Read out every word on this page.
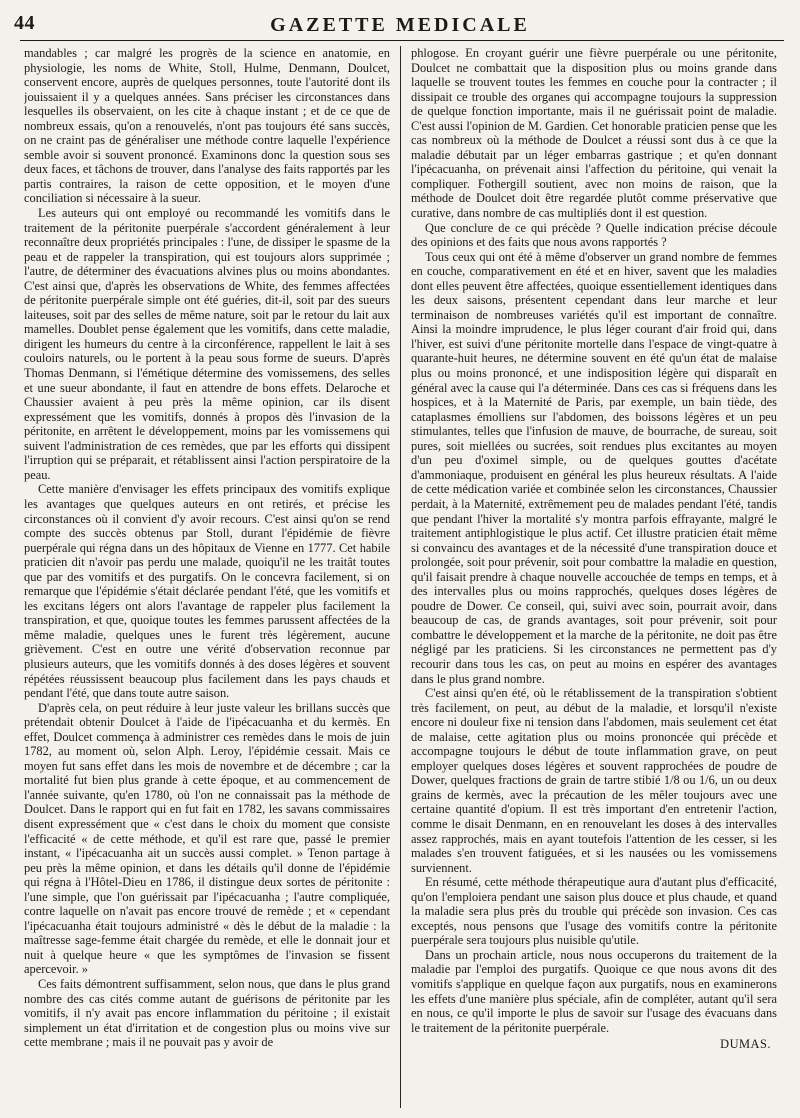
44	GAZETTE MEDICALE

mandables ; car malgré les progrès de la science en anatomie, en physiologie, les noms de White, Stoll, Hulme, Denmann, Doulcet, conservent encore, auprès de quelques personnes, toute l'autorité dont ils jouissaient il y a quelques années. Sans préciser les circonstances dans lesquelles ils observaient, on les cite à chaque instant ; et de ce que de nombreux essais, qu'on a renouvelés, n'ont pas toujours été sans succès, on ne craint pas de généraliser une méthode contre laquelle l'expérience semble avoir si souvent prononcé. Examinons donc la question sous ses deux faces, et tâchons de trouver, dans l'analyse des faits rapportés par les partis contraires, la raison de cette opposition, et le moyen d'une conciliation si nécessaire à la sueur.

Les auteurs qui ont employé ou recommandé les vomitifs dans le traitement de la péritonite puerpérale s'accordent généralement à leur reconnaître deux propriétés principales : l'une, de dissiper le spasme de la peau et de rappeler la transpiration, qui est toujours alors supprimée ; l'autre, de déterminer des évacuations alvines plus ou moins abondantes. C'est ainsi que, d'après les observations de White, des femmes affectées de péritonite puerpérale simple ont été guéries, dit-il, soit par des sueurs laiteuses, soit par des selles de même nature, soit par le retour du lait aux mamelles. Doublet pense également que les vomitifs, dans cette maladie, dirigent les humeurs du centre à la circonférence, rappellent le lait à ses couloirs naturels, ou le portent à la peau sous forme de sueurs. D'après Thomas Denmann, si l'émétique détermine des vomissemens, des selles et une sueur abondante, il faut en attendre de bons effets. Delaroche et Chaussier avaient à peu près la même opinion, car ils disent expressément que les vomitifs, donnés à propos dès l'invasion de la péritonite, en arrêtent le développement, moins par les vomissemens qui suivent l'administration de ces remèdes, que par les efforts qui dissipent l'irruption qui se préparait, et rétablissent ainsi l'action perspiratoire de la peau.

Cette manière d'envisager les effets principaux des vomitifs explique les avantages que quelques auteurs en ont retirés, et précise les circonstances où il convient d'y avoir recours. C'est ainsi qu'on se rend compte des succès obtenus par Stoll, durant l'épidémie de fièvre puerpérale qui régna dans un des hôpitaux de Vienne en 1777. Cet habile praticien dit n'avoir pas perdu une malade, quoiqu'il ne les traitât toutes que par des vomitifs et des purgatifs. On le concevra facilement, si on remarque que l'épidémie s'était déclarée pendant l'été, que les vomitifs et les excitans légers ont alors l'avantage de rappeler plus facilement la transpiration, et que, quoique toutes les femmes parussent affectées de la même maladie, quelques unes le furent très légèrement, aucune grièvement. C'est en outre une vérité d'observation reconnue par plusieurs auteurs, que les vomitifs donnés à des doses légères et souvent répétées réussissent beaucoup plus facilement dans les pays chauds et pendant l'été, que dans toute autre saison.

D'après cela, on peut réduire à leur juste valeur les brillans succès que prétendait obtenir Doulcet à l'aide de l'ipécacuanha et du kermès. En effet, Doulcet commença à administrer ces remèdes dans le mois de juin 1782, au moment où, selon Alph. Leroy, l'épidémie cessait. Mais ce moyen fut sans effet dans les mois de novembre et de décembre ; car la mortalité fut bien plus grande à cette époque, et au commencement de l'année suivante, qu'en 1780, où l'on ne connaissait pas la méthode de Doulcet. Dans le rapport qui en fut fait en 1782, les savans commissaires disent expressément que « c'est dans le choix du moment que consiste l'efficacité « de cette méthode, et qu'il est rare que, passé le premier instant, « l'ipécacuanha ait un succès aussi complet. » Tenon partage à peu près la même opinion, et dans les détails qu'il donne de l'épidémie qui régna à l'Hôtel-Dieu en 1786, il distingue deux sortes de péritonite : l'une simple, que l'on guérissait par l'ipécacuanha ; l'autre compliquée, contre laquelle on n'avait pas encore trouvé de remède ; et « cependant l'ipécacuanha était toujours administré « dès le début de la maladie : la maîtresse sage-femme était chargée du remède, et elle le donnait jour et nuit à quelque heure « que les symptômes de l'invasion se fissent apercevoir. »

Ces faits démontrent suffisamment, selon nous, que dans le plus grand nombre des cas cités comme autant de guérisons de péritonite par les vomitifs, il n'y avait pas encore inflammation du péritoine ; il existait simplement un état d'irritation et de congestion plus ou moins vive sur cette membrane ; mais il ne pouvait pas y avoir de

phlogose. En croyant guérir une fièvre puerpérale ou une péritonite, Doulcet ne combattait que la disposition plus ou moins grande dans laquelle se trouvent toutes les femmes en couche pour la contracter ; il dissipait ce trouble des organes qui accompagne toujours la suppression de quelque fonction importante, mais il ne guérissait point de maladie. C'est aussi l'opinion de M. Gardien. Cet honorable praticien pense que les cas nombreux où la méthode de Doulcet a réussi sont dus à ce que la maladie débutait par un léger embarras gastrique ; et qu'en donnant l'ipécacuanha, on prévenait ainsi l'affection du péritoine, qui venait la compliquer. Fothergill soutient, avec non moins de raison, que la méthode de Doulcet doit être regardée plutôt comme préservative que curative, dans nombre de cas multipliés dont il est question.

Que conclure de ce qui précède ? Quelle indication précise découle des opinions et des faits que nous avons rapportés ?

Tous ceux qui ont été à même d'observer un grand nombre de femmes en couche, comparativement en été et en hiver, savent que les maladies dont elles peuvent être affectées, quoique essentiellement identiques dans les deux saisons, présentent cependant dans leur marche et leur terminaison de nombreuses variétés qu'il est important de connaître. Ainsi la moindre imprudence, le plus léger courant d'air froid qui, dans l'hiver, est suivi d'une péritonite mortelle dans l'espace de vingt-quatre à quarante-huit heures, ne détermine souvent en été qu'un état de malaise plus ou moins prononcé, et une indisposition légère qui disparaît en général avec la cause qui l'a déterminée. Dans ces cas si fréquens dans les hospices, et à la Maternité de Paris, par exemple, un bain tiède, des cataplasmes émolliens sur l'abdomen, des boissons légères et un peu stimulantes, telles que l'infusion de mauve, de bourrache, de sureau, soit pures, soit miellées ou sucrées, soit rendues plus excitantes au moyen d'un peu d'oximel simple, ou de quelques gouttes d'acétate d'ammoniaque, produisent en général les plus heureux résultats. A l'aide de cette médication variée et combinée selon les circonstances, Chaussier perdait, à la Maternité, extrêmement peu de malades pendant l'été, tandis que pendant l'hiver la mortalité s'y montra parfois effrayante, malgré le traitement antiphlogistique le plus actif. Cet illustre praticien était même si convaincu des avantages et de la nécessité d'une transpiration douce et prolongée, soit pour prévenir, soit pour combattre la maladie en question, qu'il faisait prendre à chaque nouvelle accouchée de temps en temps, et à des intervalles plus ou moins rapprochés, quelques doses légères de poudre de Dower. Ce conseil, qui, suivi avec soin, pourrait avoir, dans beaucoup de cas, de grands avantages, soit pour prévenir, soit pour combattre le développement et la marche de la péritonite, ne doit pas être négligé par les praticiens. Si les circonstances ne permettent pas d'y recourir dans tous les cas, on peut au moins en espérer des avantages dans le plus grand nombre.

C'est ainsi qu'en été, où le rétablissement de la transpiration s'obtient très facilement, on peut, au début de la maladie, et lorsqu'il n'existe encore ni douleur fixe ni tension dans l'abdomen, mais seulement cet état de malaise, cette agitation plus ou moins prononcée qui précède et accompagne toujours le début de toute inflammation grave, on peut employer quelques doses légères et souvent rapprochées de poudre de Dower, quelques fractions de grain de tartre stibié 1/8 ou 1/6, un ou deux grains de kermès, avec la précaution de les mêler toujours avec une certaine quantité d'opium. Il est très important d'en entretenir l'action, comme le disait Denmann, en en renouvelant les doses à des intervalles assez rapprochés, mais en ayant toutefois l'attention de les cesser, si les malades s'en trouvent fatiguées, et si les nausées ou les vomissemens surviennent.

En résumé, cette méthode thérapeutique aura d'autant plus d'efficacité, qu'on l'emploiera pendant une saison plus douce et plus chaude, et quand la maladie sera plus près du trouble qui précède son invasion. Ces cas exceptés, nous pensons que l'usage des vomitifs contre la péritonite puerpérale sera toujours plus nuisible qu'utile.

Dans un prochain article, nous nous occuperons du traitement de la maladie par l'emploi des purgatifs. Quoique ce que nous avons dit des vomitifs s'applique en quelque façon aux purgatifs, nous en examinerons les effets d'une manière plus spéciale, afin de compléter, autant qu'il sera en nous, ce qu'il importe le plus de savoir sur l'usage des évacuans dans le traitement de la péritonite puerpérale.

DUMAS.
